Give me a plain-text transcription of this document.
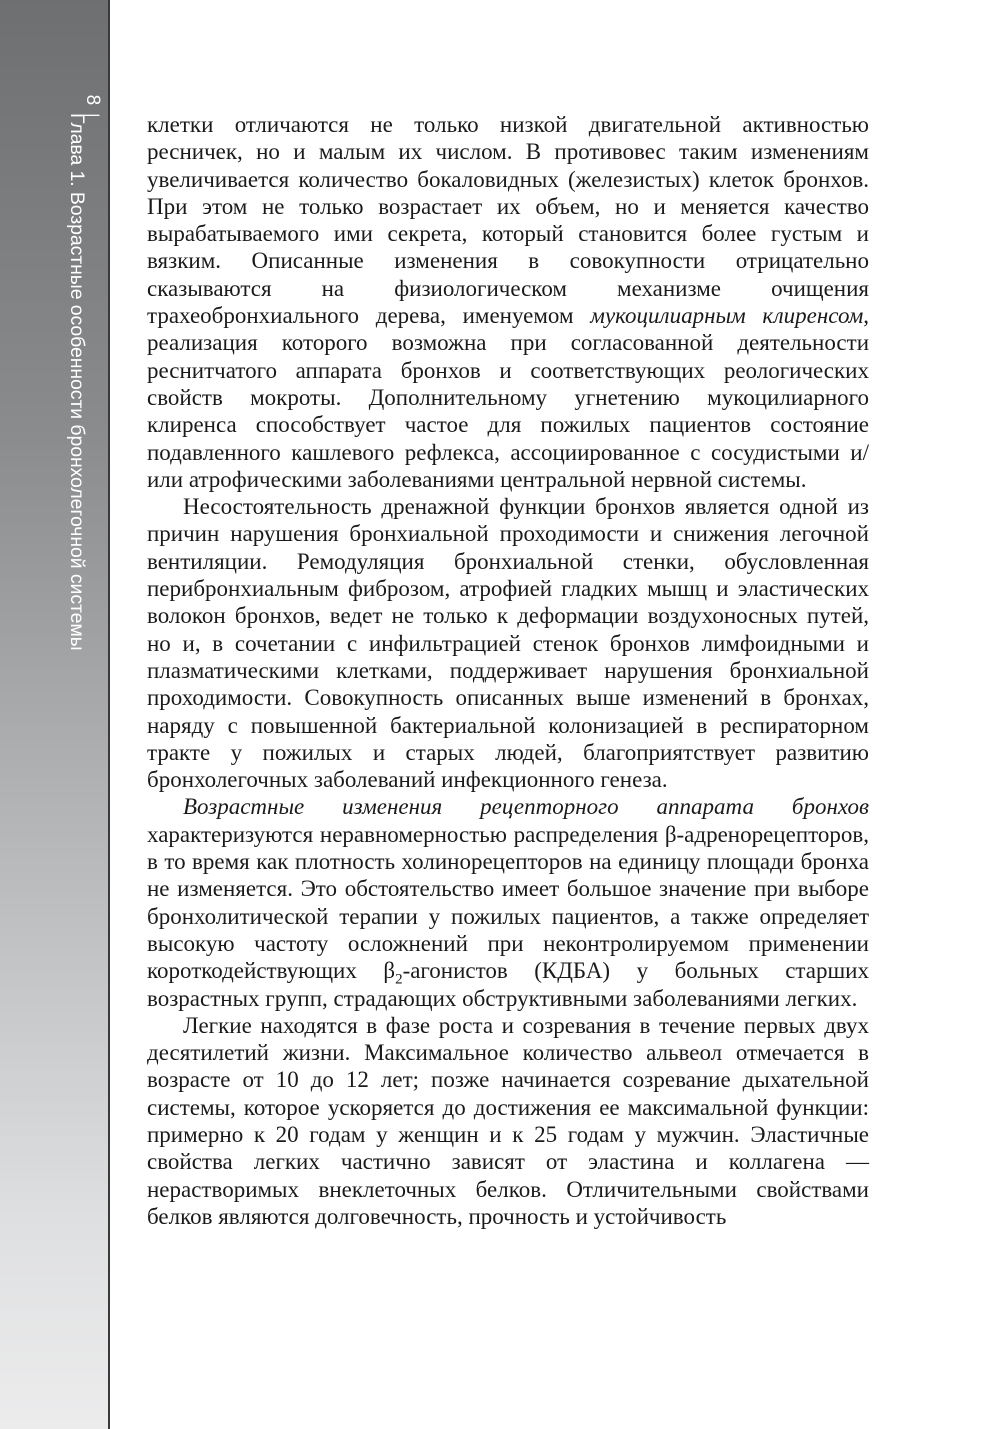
8
|
Глава 1. Возрастные особенности бронхолегочной системы	клетки отличаются не только низкой двигательной активностью ресничек, но и малым их числом. В противовес таким изменениям увеличивается количество бокаловидных (железистых) клеток бронхов. При этом не только возрастает их объем, но и меняется качество вырабатываемого ими секрета, который становится более густым и вязким. Описанные изменения в совокупности отрицательно сказываются на физиологическом механизме очищения трахеобронхиального дерева, именуемом мукоцилиарным клиренсом, реализация которого возможна при согласованной деятельности реснитчатого аппарата бронхов и соответствующих реологических свойств мокроты. Дополнительному угнетению мукоцилиарного клиренса способствует частое для пожилых пациентов состояние подавленного кашлевого рефлекса, ассоциированное с сосудистыми и/или атрофическими заболеваниями центральной нервной системы.

Несостоятельность дренажной функции бронхов является одной из причин нарушения бронхиальной проходимости и снижения легочной вентиляции. Ремодуляция бронхиальной стенки, обусловленная перибронхиальным фиброзом, атрофией гладких мышц и эластических волокон бронхов, ведет не только к деформации воздухоносных путей, но и, в сочетании с инфильтрацией стенок бронхов лимфоидными и плазматическими клетками, поддерживает нарушения бронхиальной проходимости. Совокупность описанных выше изменений в бронхах, наряду с повышенной бактериальной колонизацией в респираторном тракте у пожилых и старых людей, благоприятствует развитию бронхолегочных заболеваний инфекционного генеза.

Возрастные изменения рецепторного аппарата бронхов характеризуются неравномерностью распределения β-адренорецепторов, в то время как плотность холинорецепторов на единицу площади бронха не изменяется. Это обстоятельство имеет большое значение при выборе бронхолитической терапии у пожилых пациентов, а также определяет высокую частоту осложнений при неконтролируемом применении короткодействующих $\beta_2$-агонистов (КДБА) у больных старших возрастных групп, страдающих обструктивными заболеваниями легких.

Легкие находятся в фазе роста и созревания в течение первых двух десятилетий жизни. Максимальное количество альвеол отмечается в возрасте от 10 до 12 лет; позже начинается созревание дыхательной системы, которое ускоряется до достижения ее максимальной функции: примерно к 20 годам у женщин и к 25 годам у мужчин. Эластичные свойства легких частично зависят от эластина и коллагена — нерастворимых внеклеточных белков. Отличительными свойствами белков являются долговечность, прочность и устойчивость
